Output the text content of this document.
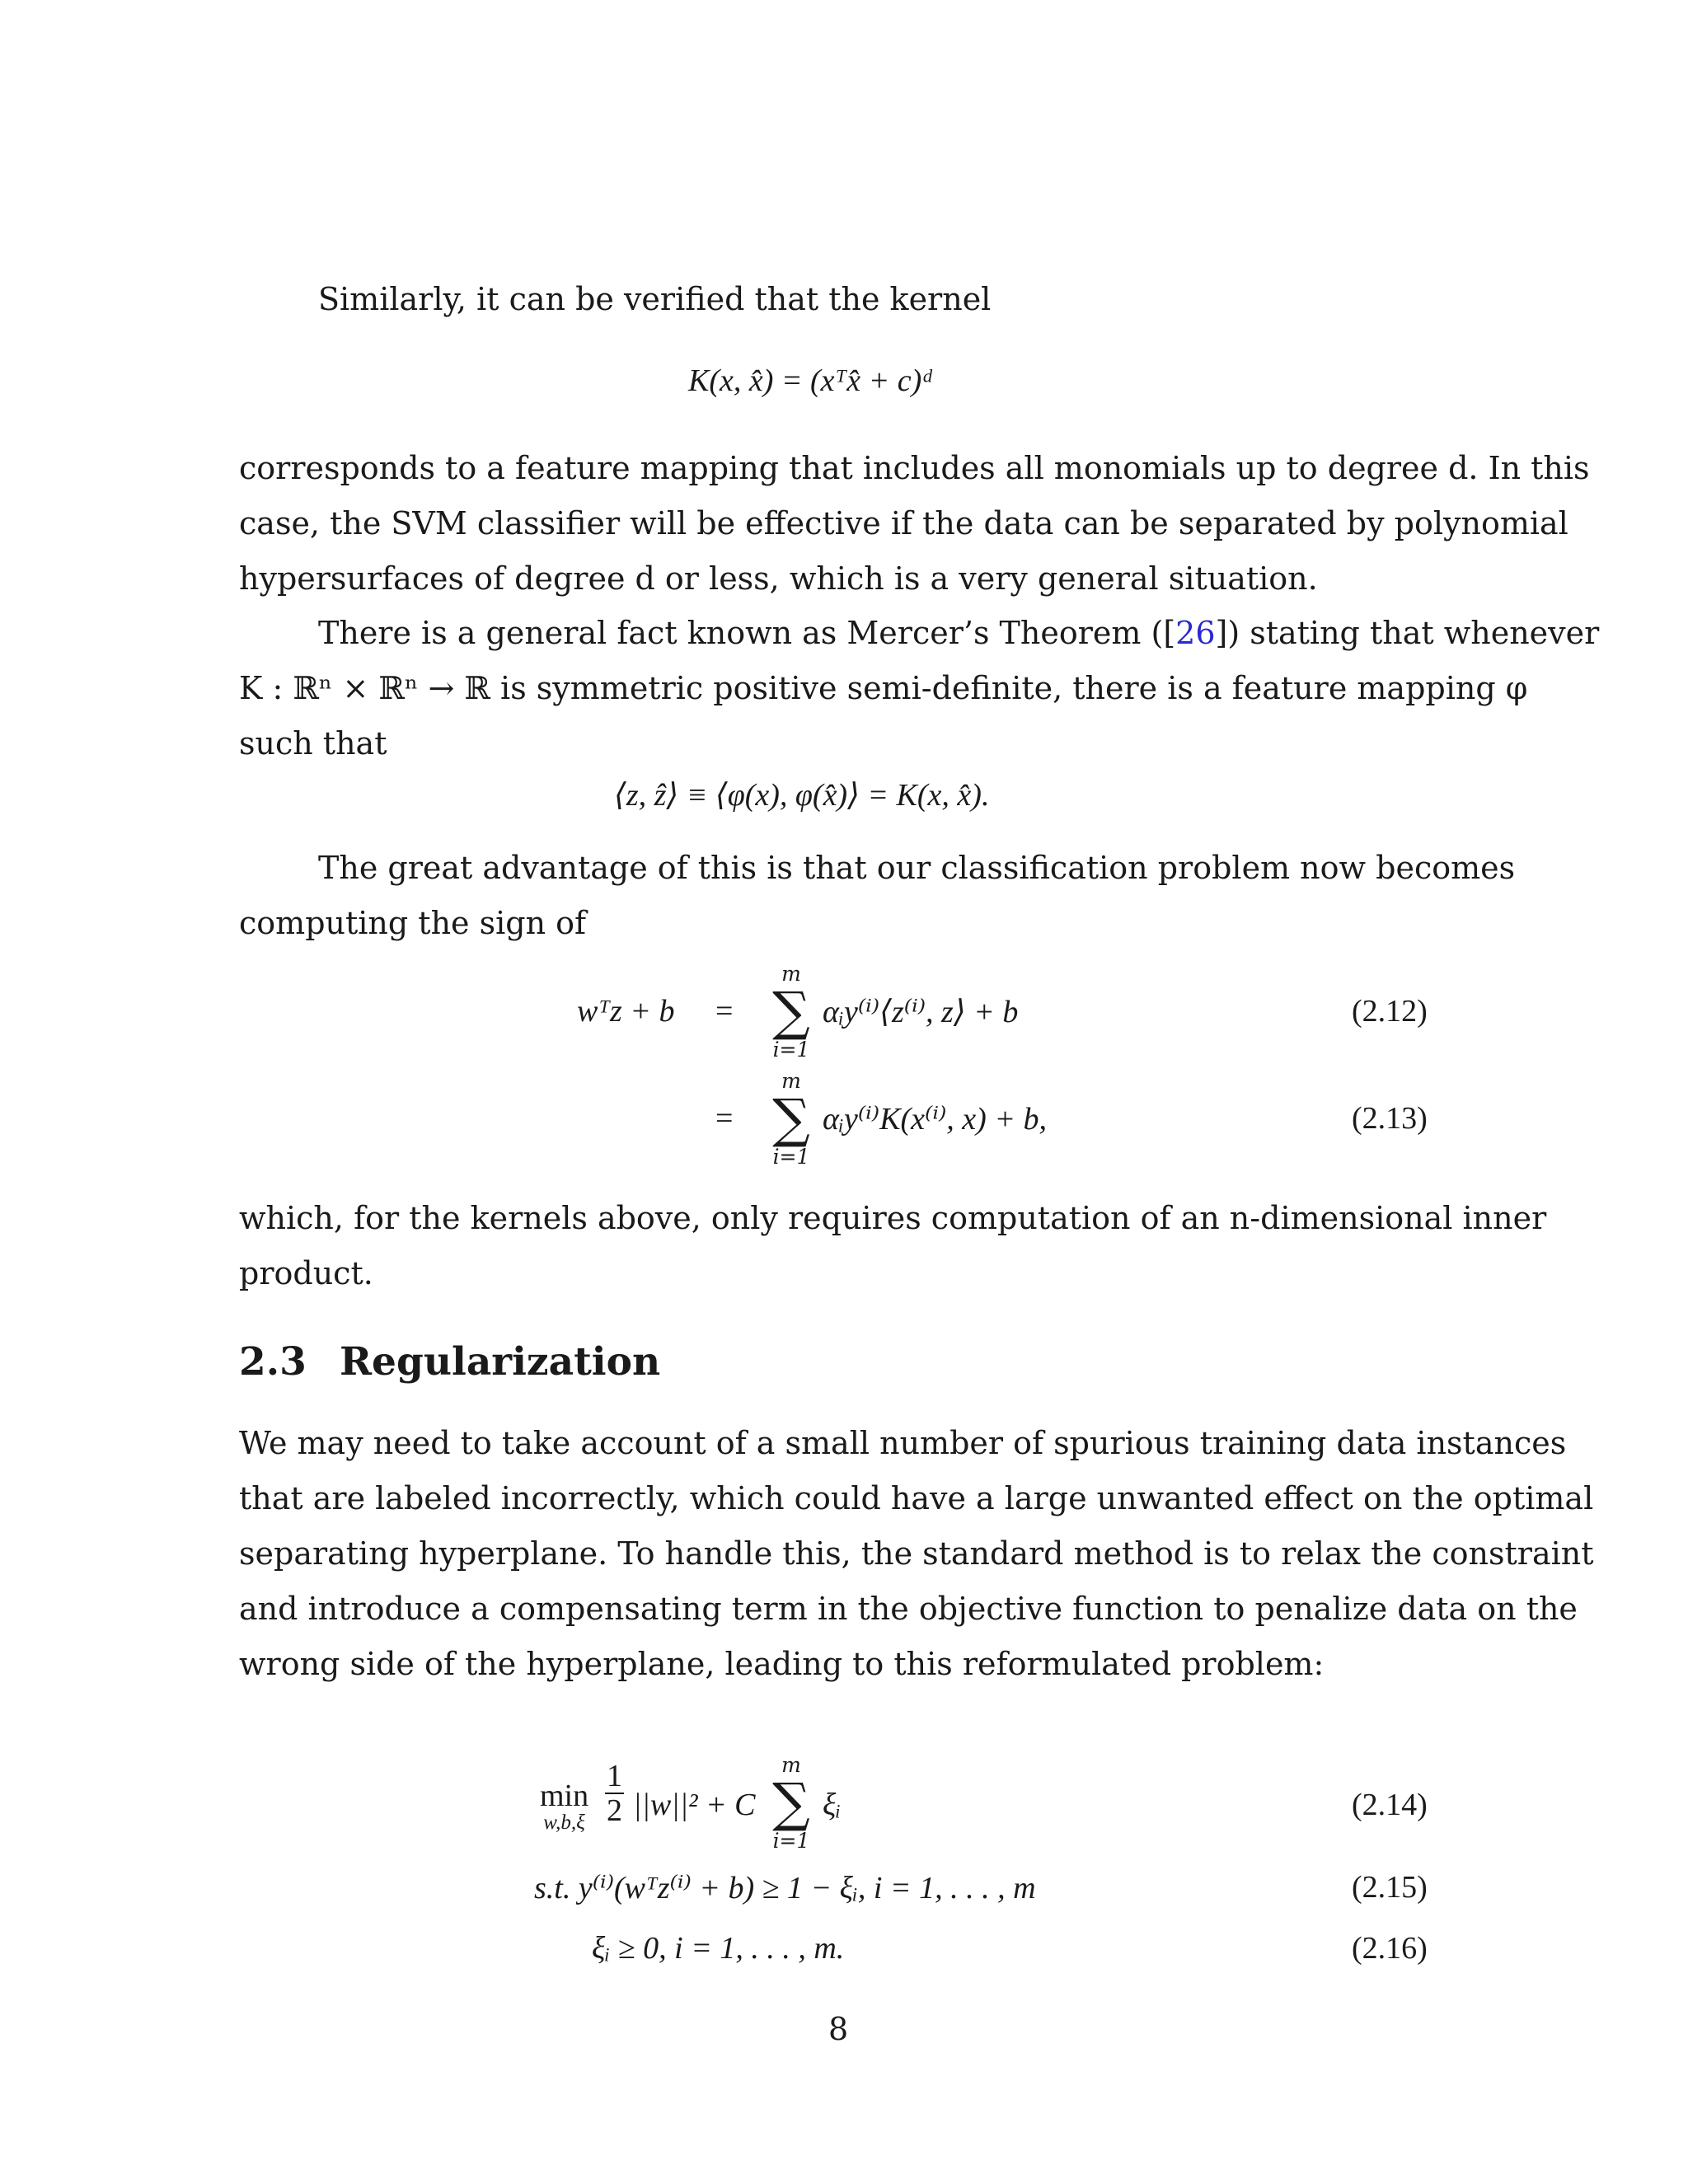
Similarly, it can be verified that the kernel

K(x, x̂) = (xᵀx̂ + c)ᵈ

corresponds to a feature mapping that includes all monomials up to degree d. In this
case, the SVM classifier will be effective if the data can be separated by polynomial
hypersurfaces of degree d or less, which is a very general situation.

There is a general fact known as Mercer’s Theorem ([26]) stating that whenever
K : ℝⁿ × ℝⁿ → ℝ is symmetric positive semi-definite, there is a feature mapping φ
such that

⟨z, ẑ⟩ ≡ ⟨φ(x), φ(x̂)⟩ = K(x, x̂).

The great advantage of this is that our classification problem now becomes
computing the sign of

wᵀz + b =
m
∑
i=1
αᵢy⁽ⁱ⁾⟨z⁽ⁱ⁾, z⟩ + b	(2.12)
=
m
∑
i=1
αᵢy⁽ⁱ⁾K(x⁽ⁱ⁾, x) + b,	(2.13)

which, for the kernels above, only requires computation of an n-dimensional inner
product.

2.3 Regularization

We may need to take account of a small number of spurious training data instances
that are labeled incorrectly, which could have a large unwanted effect on the optimal
separating hyperplane. To handle this, the standard method is to relax the constraint
and introduce a compensating term in the objective function to penalize data on the
wrong side of the hyperplane, leading to this reformulated problem:

min
$w,b,\xi \frac{1}{2} ||w||^2 + C$
m
∑
i=1
ξᵢ	(2.14)
s.t. y⁽ⁱ⁾(wᵀz⁽ⁱ⁾ + b) ≥ 1 − ξᵢ, i = 1, . . . , m	(2.15)
ξᵢ ≥ 0, i = 1, . . . , m.	(2.16)
8
